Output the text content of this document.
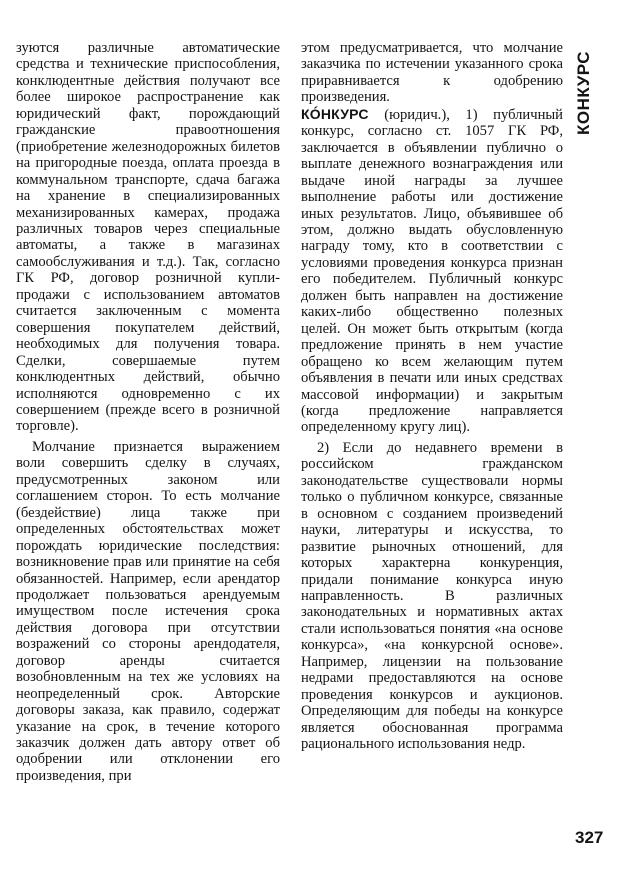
зуются различные автоматические средства и технические приспособления, конклюдентные действия получают все более широкое распространение как юридический факт, порождающий гражданские правоотношения (приобретение железнодорожных билетов на пригородные поезда, оплата проезда в коммунальном транспорте, сдача багажа на хранение в специализированных механизированных камерах, продажа различных товаров через специальные автоматы, а также в магазинах самообслуживания и т.д.). Так, согласно ГК РФ, договор розничной купли-продажи с использованием автоматов считается заключенным с момента совершения покупателем действий, необходимых для получения товара. Сделки, совершаемые путем конклюдентных действий, обычно исполняются одновременно с их совершением (прежде всего в розничной торговле).

Молчание признается выражением воли совершить сделку в случаях, предусмотренных законом или соглашением сторон. То есть молчание (бездействие) лица также при определенных обстоятельствах может порождать юридические последствия: возникновение прав или принятие на себя обязанностей. Например, если арендатор продолжает пользоваться арендуемым имуществом после истечения срока действия договора при отсутствии возражений со стороны арендодателя, договор аренды считается возобновленным на тех же условиях на неопределенный срок. Авторские договоры заказа, как правило, содержат указание на срок, в течение которого заказчик должен дать автору ответ об одобрении или отклонении его произведения, при

этом предусматривается, что молчание заказчика по истечении указанного срока приравнивается к одобрению произведения.

КÓНКУРС (юридич.), 1) публичный конкурс, согласно ст. 1057 ГК РФ, заключается в объявлении публично о выплате денежного вознаграждения или выдаче иной награды за лучшее выполнение работы или достижение иных результатов. Лицо, объявившее об этом, должно выдать обусловленную награду тому, кто в соответствии с условиями проведения конкурса признан его победителем. Публичный конкурс должен быть направлен на достижение каких-либо общественно полезных целей. Он может быть открытым (когда предложение принять в нем участие обращено ко всем желающим путем объявления в печати или иных средствах массовой информации) и закрытым (когда предложение направляется определенному кругу лиц).

2) Если до недавнего времени в российском гражданском законодательстве существовали нормы только о публичном конкурсе, связанные в основном с созданием произведений науки, литературы и искусства, то развитие рыночных отношений, для которых характерна конкуренция, придали понимание конкурса иную направленность. В различных законодательных и нормативных актах стали использоваться понятия «на основе конкурса», «на конкурсной основе». Например, лицензии на пользование недрами предоставляются на основе проведения конкурсов и аукционов. Определяющим для победы на конкурсе является обоснованная программа рационального использования недр.

КОНКУРС
327
